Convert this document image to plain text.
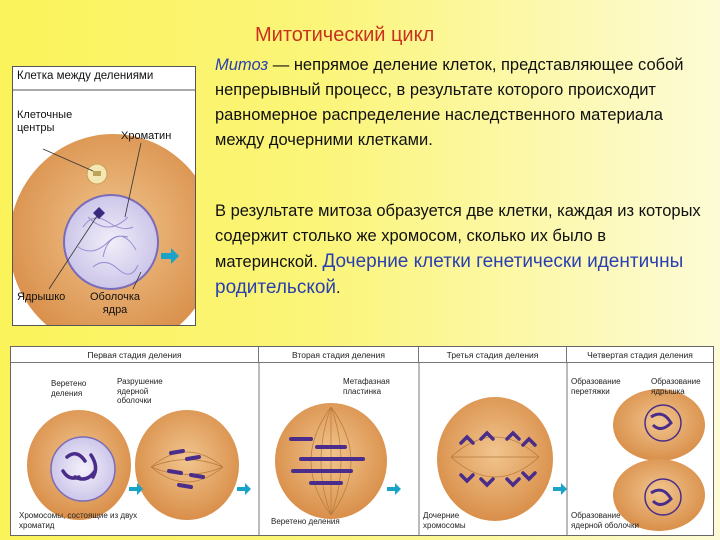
Митотический цикл
Митоз — непрямое деление клеток, представляющее собой непрерывный процесс, в результате которого происходит равномерное распределение наследственного материала между дочерними клетками.
В результате митоза образуется две клетки, каждая из которых содержит столько же хромосом, сколько их было в материнской. Дочерние клетки генетически идентичны родительской.
Клетка между делениями
Клеточные центры
Хроматин
Ядрышко	Оболочка ядра
Первая стадия деления	Вторая стадия деления	Третья стадия деления	Четвертая стадия деления
Веретено деления
Разрушение ядерной оболочки
Хромосомы, состоящие из двух хроматид
Метафазная пластинка
Веретено деления
Дочерние хромосомы
Образование перетяжки
Образование ядрышка
Образование ядерной оболочки
